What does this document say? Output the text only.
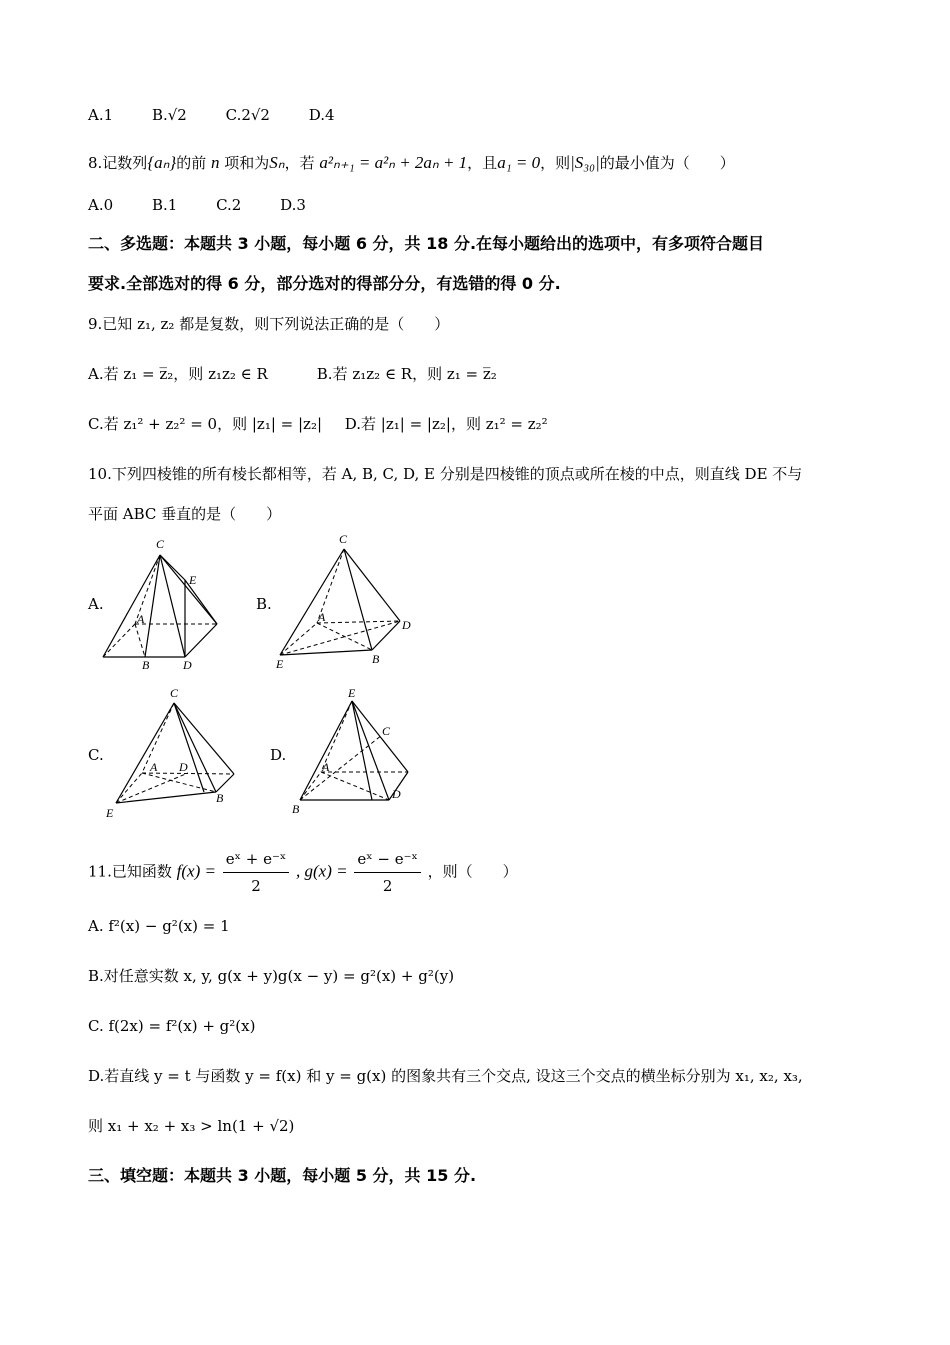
A.1	B.√2	C.2√2	D.4
8.记数列{aₙ}的前 n 项和为Sₙ，若 a²ₙ₊₁ = a²ₙ + 2aₙ + 1，且a₁ = 0，则|S₃₀|的最小值为（　　）
A.0	B.1	C.2	D.3
二、多选题：本题共 3 小题，每小题 6 分，共 18 分.在每小题给出的选项中，有多项符合题目
要求.全部选对的得 6 分，部分选对的得部分分，有选错的得 0 分.
9.已知 z₁, z₂ 都是复数，则下列说法正确的是（　　）
A.若 z₁ = z̅₂，则 z₁z₂ ∈ R	B.若 z₁z₂ ∈ R，则 z₁ = z̅₂
C.若 z₁² + z₂² = 0，则 |z₁| = |z₂| D.若 |z₁| = |z₂|，则 z₁² = z₂²
10.下列四棱锥的所有棱长都相等，若 A, B, C, D, E 分别是四棱锥的顶点或所在棱的中点，则直线 DE 不与
平面 ABC 垂直的是（　　）
A.
C
E
A
B	D
B.
C
A
D
E	B
C.
C
A D
B
E
D.
E
C
A
D
B
11.已知函数 $f(x) = \frac{\text{eˣ + e⁻ˣ}}{2}$ , $g(x) = \frac{\text{eˣ − e⁻ˣ}}{2}$ ，则（　　）
A. f²(x) − g²(x) = 1
B.对任意实数 x, y, g(x + y)g(x − y) = g²(x) + g²(y)
C. f(2x) = f²(x) + g²(x)
D.若直线 y = t 与函数 y = f(x) 和 y = g(x) 的图象共有三个交点, 设这三个交点的横坐标分别为 x₁, x₂, x₃,
则 x₁ + x₂ + x₃ > ln(1 + √2)
三、填空题：本题共 3 小题，每小题 5 分，共 15 分.
